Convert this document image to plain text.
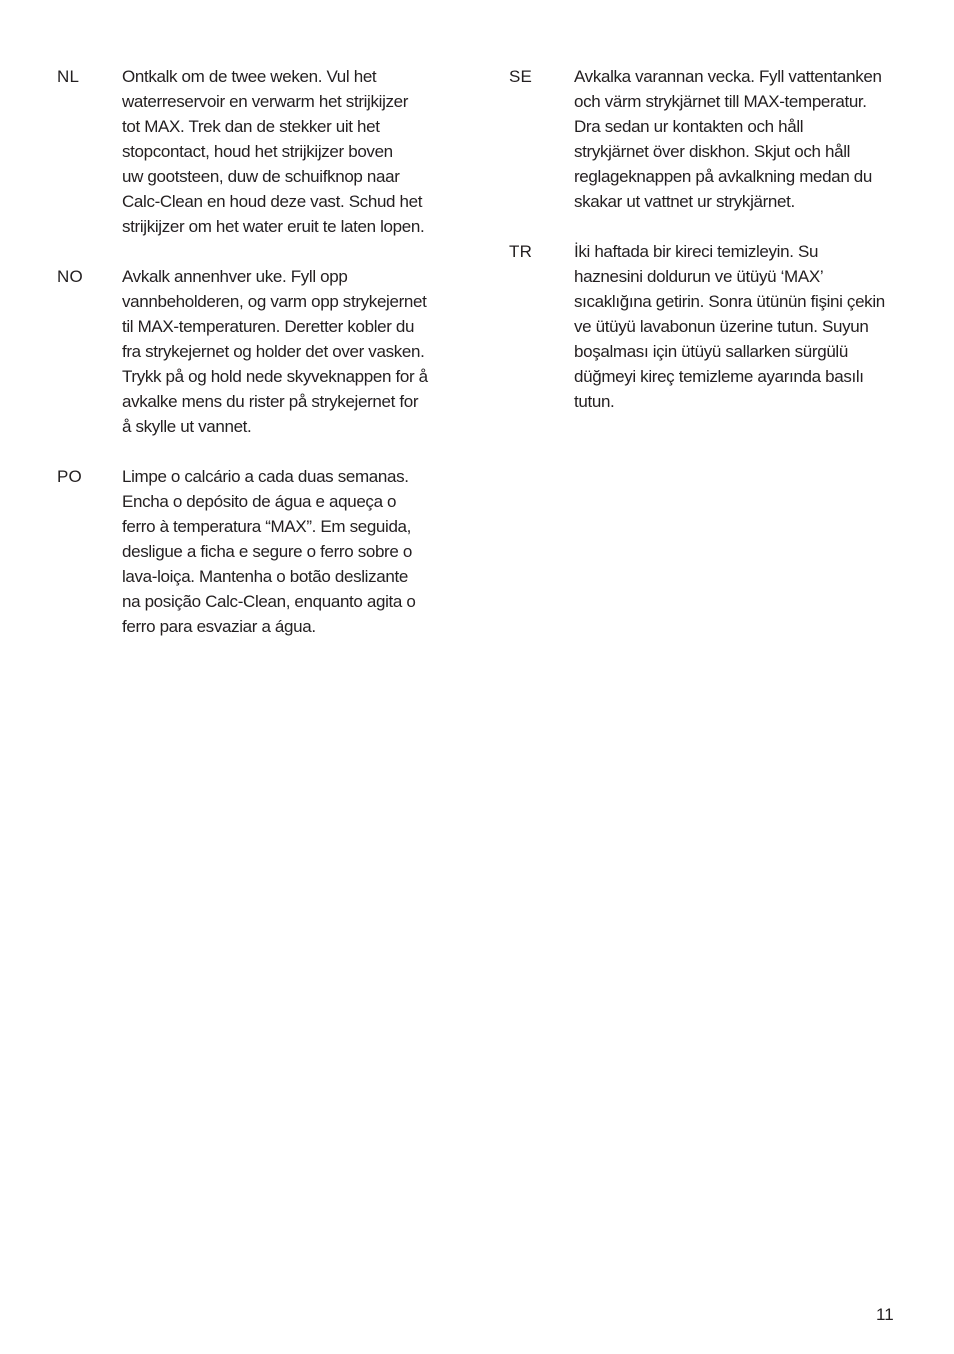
NL	Ontkalk om de twee weken. Vul het
waterreservoir en verwarm het strijkijzer
tot MAX. Trek dan de stekker uit het
stopcontact, houd het strijkijzer boven
uw gootsteen, duw de schuifknop naar
Calc-Clean en houd deze vast. Schud het
strijkijzer om het water eruit te laten lopen.

NO	Avkalk annenhver uke. Fyll opp
vannbeholderen, og varm opp strykejernet
til MAX-temperaturen. Deretter kobler du
fra strykejernet og holder det over vasken.
Trykk på og hold nede skyveknappen for å
avkalke mens du rister på strykejernet for
å skylle ut vannet.

PO	Limpe o calcário a cada duas semanas.
Encha o depósito de água e aqueça o
ferro à temperatura “MAX”. Em seguida,
desligue a ficha e segure o ferro sobre o
lava-loiça. Mantenha o botão deslizante
na posição Calc-Clean, enquanto agita o
ferro para esvaziar a água.

SE	Avkalka varannan vecka. Fyll vattentanken
och värm strykjärnet till MAX-temperatur.
Dra sedan ur kontakten och håll
strykjärnet över diskhon. Skjut och håll
reglageknappen på avkalkning medan du
skakar ut vattnet ur strykjärnet.

TR	İki haftada bir kireci temizleyin. Su
haznesini doldurun ve ütüyü ‘MAX’
sıcaklığına getirin. Sonra ütünün fişini çekin
ve ütüyü lavabonun üzerine tutun. Suyun
boşalması için ütüyü sallarken sürgülü
düğmeyi kireç temizleme ayarında basılı
tutun.

11
